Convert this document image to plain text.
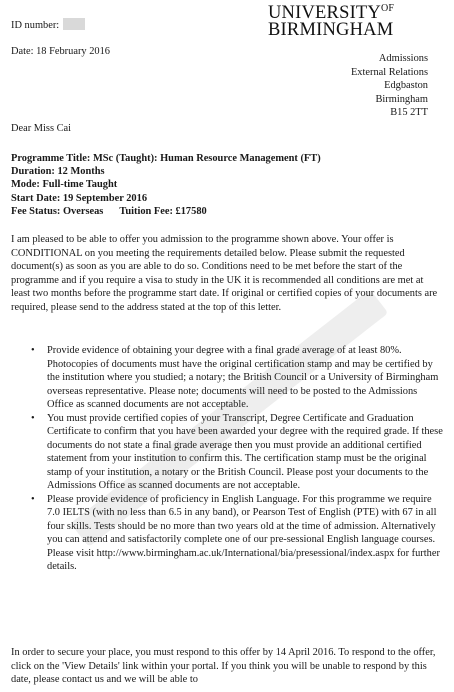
$UNIVERSITY^{OF}$
BIRMINGHAM
ID number:
Date: 18 February 2016
Admissions
External Relations
Edgbaston
Birmingham
B15 2TT
Dear Miss Cai
Programme Title: MSc (Taught): Human Resource Management (FT)
Duration: 12 Months
Mode: Full-time Taught
Start Date: 19 September 2016
Fee Status: Overseas Tuition Fee: £17580
I am pleased to be able to offer you admission to the programme shown above. Your offer is CONDITIONAL on you meeting the requirements detailed below. Please submit the requested document(s) as soon as you are able to do so. Conditions need to be met before the start of the programme and if you require a visa to study in the UK it is recommended all conditions are met at least two months before the programme start date. If original or certified copies of your documents are required, please send to the address stated at the top of this letter.
• Provide evidence of obtaining your degree with a final grade average of at least 80%. Photocopies of documents must have the original certification stamp and may be certified by the institution where you studied; a notary; the British Council or a University of Birmingham overseas representative. Please note; documents will need to be posted to the Admissions Office as scanned documents are not acceptable.
• You must provide certified copies of your Transcript, Degree Certificate and Graduation Certificate to confirm that you have been awarded your degree with the required grade. If these documents do not state a final grade average then you must provide an additional certified statement from your institution to confirm this. The certification stamp must be the original stamp of your institution, a notary or the British Council. Please post your documents to the Admissions Office as scanned documents are not acceptable.
• Please provide evidence of proficiency in English Language. For this programme we require 7.0 IELTS (with no less than 6.5 in any band), or Pearson Test of English (PTE) with 67 in all four skills. Tests should be no more than two years old at the time of admission. Alternatively you can attend and satisfactorily complete one of our pre-sessional English language courses. Please visit http://www.birmingham.ac.uk/International/bia/presessional/index.aspx for further details.
In order to secure your place, you must respond to this offer by 14 April 2016. To respond to the offer, click on the 'View Details' link within your portal. If you think you will be unable to respond by this date, please contact us and we will be able to
